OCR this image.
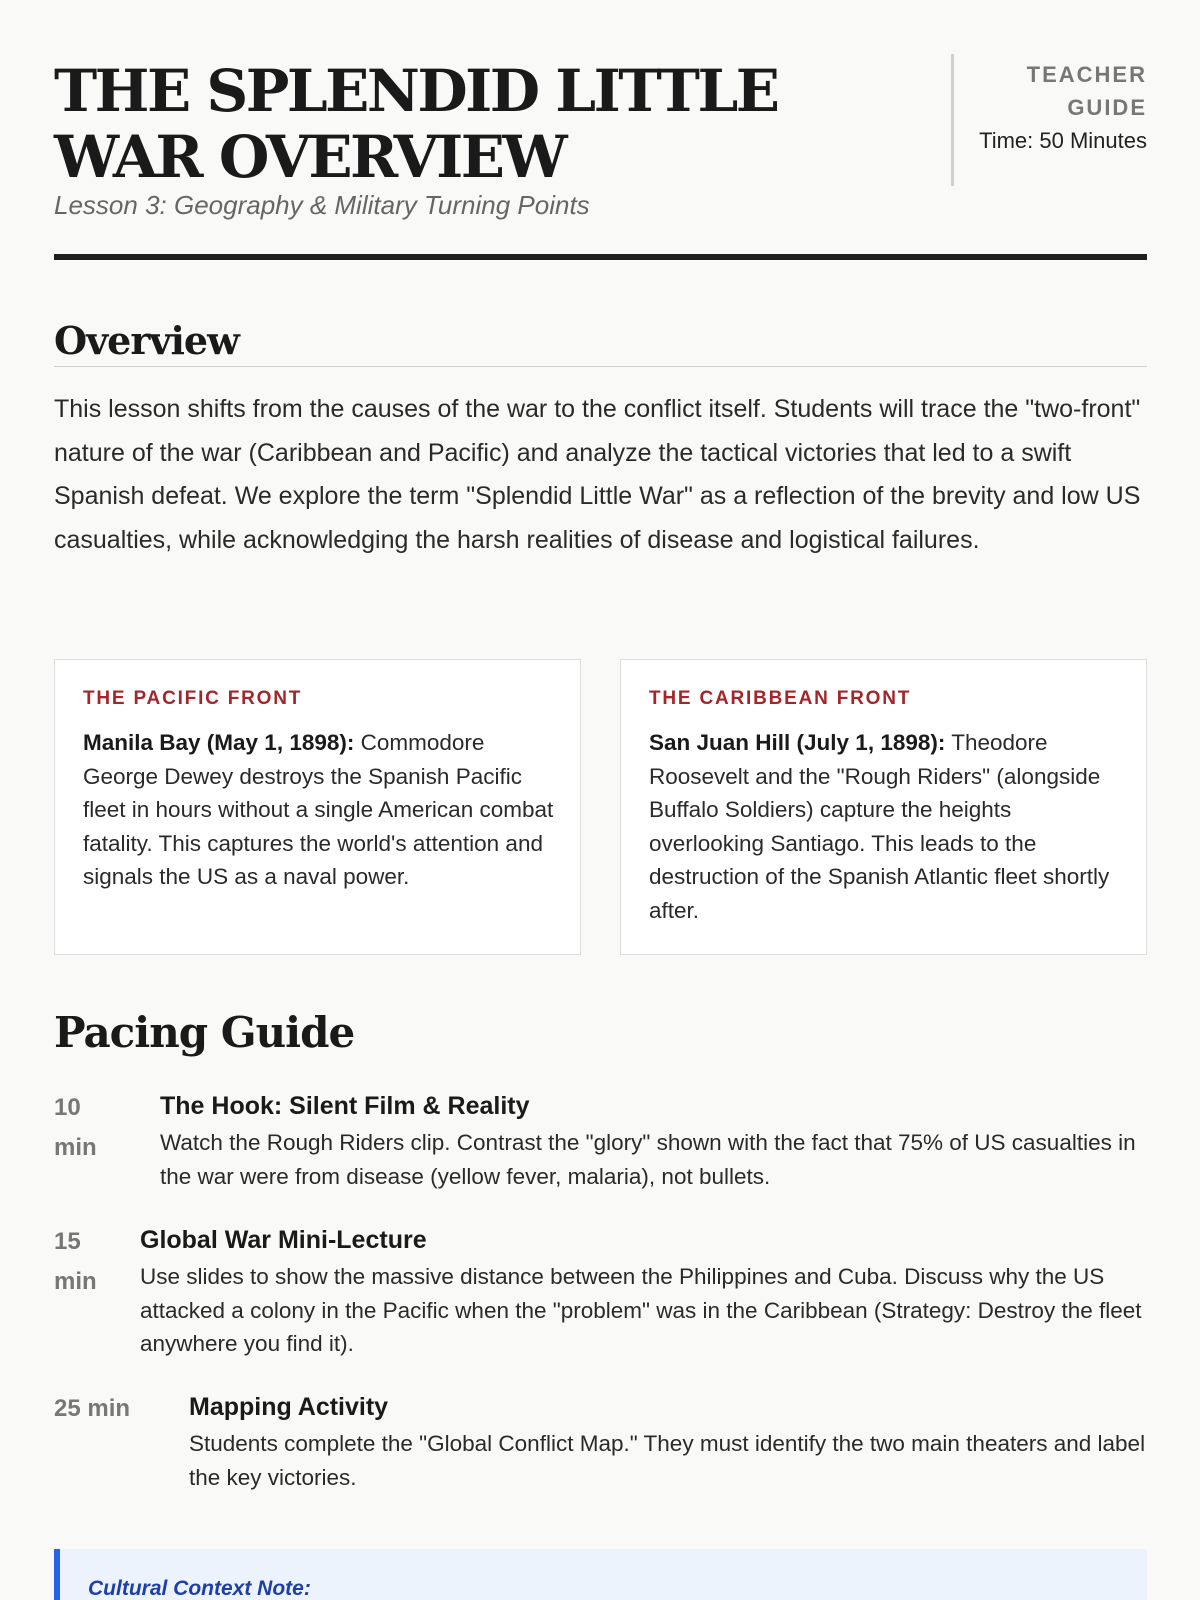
THE SPLENDID LITTLE WAR OVERVIEW
Lesson 3: Geography & Military Turning Points
TEACHER GUIDE
Time: 50 Minutes
Overview

This lesson shifts from the causes of the war to the conflict itself. Students will trace the "two-front" nature of the war (Caribbean and Pacific) and analyze the tactical victories that led to a swift Spanish defeat. We explore the term "Splendid Little War" as a reflection of the brevity and low US casualties, while acknowledging the harsh realities of disease and logistical failures.

THE PACIFIC FRONT

Manila Bay (May 1, 1898): Commodore George Dewey destroys the Spanish Pacific fleet in hours without a single American combat fatality. This captures the world's attention and signals the US as a naval power.

THE CARIBBEAN FRONT

San Juan Hill (July 1, 1898): Theodore Roosevelt and the "Rough Riders" (alongside Buffalo Soldiers) capture the heights overlooking Santiago. This leads to the destruction of the Spanish Atlantic fleet shortly after.

Pacing Guide
10 min
The Hook: Silent Film & Reality
Watch the Rough Riders clip. Contrast the "glory" shown with the fact that 75% of US casualties in the war were from disease (yellow fever, malaria), not bullets.
15 min
Global War Mini-Lecture
Use slides to show the massive distance between the Philippines and Cuba. Discuss why the US attacked a colony in the Pacific when the "problem" was in the Caribbean (Strategy: Destroy the fleet anywhere you find it).
25 min	Mapping Activity
Students complete the "Global Conflict Map." They must identify the two main theaters and label the key victories.
Cultural Context Note:
